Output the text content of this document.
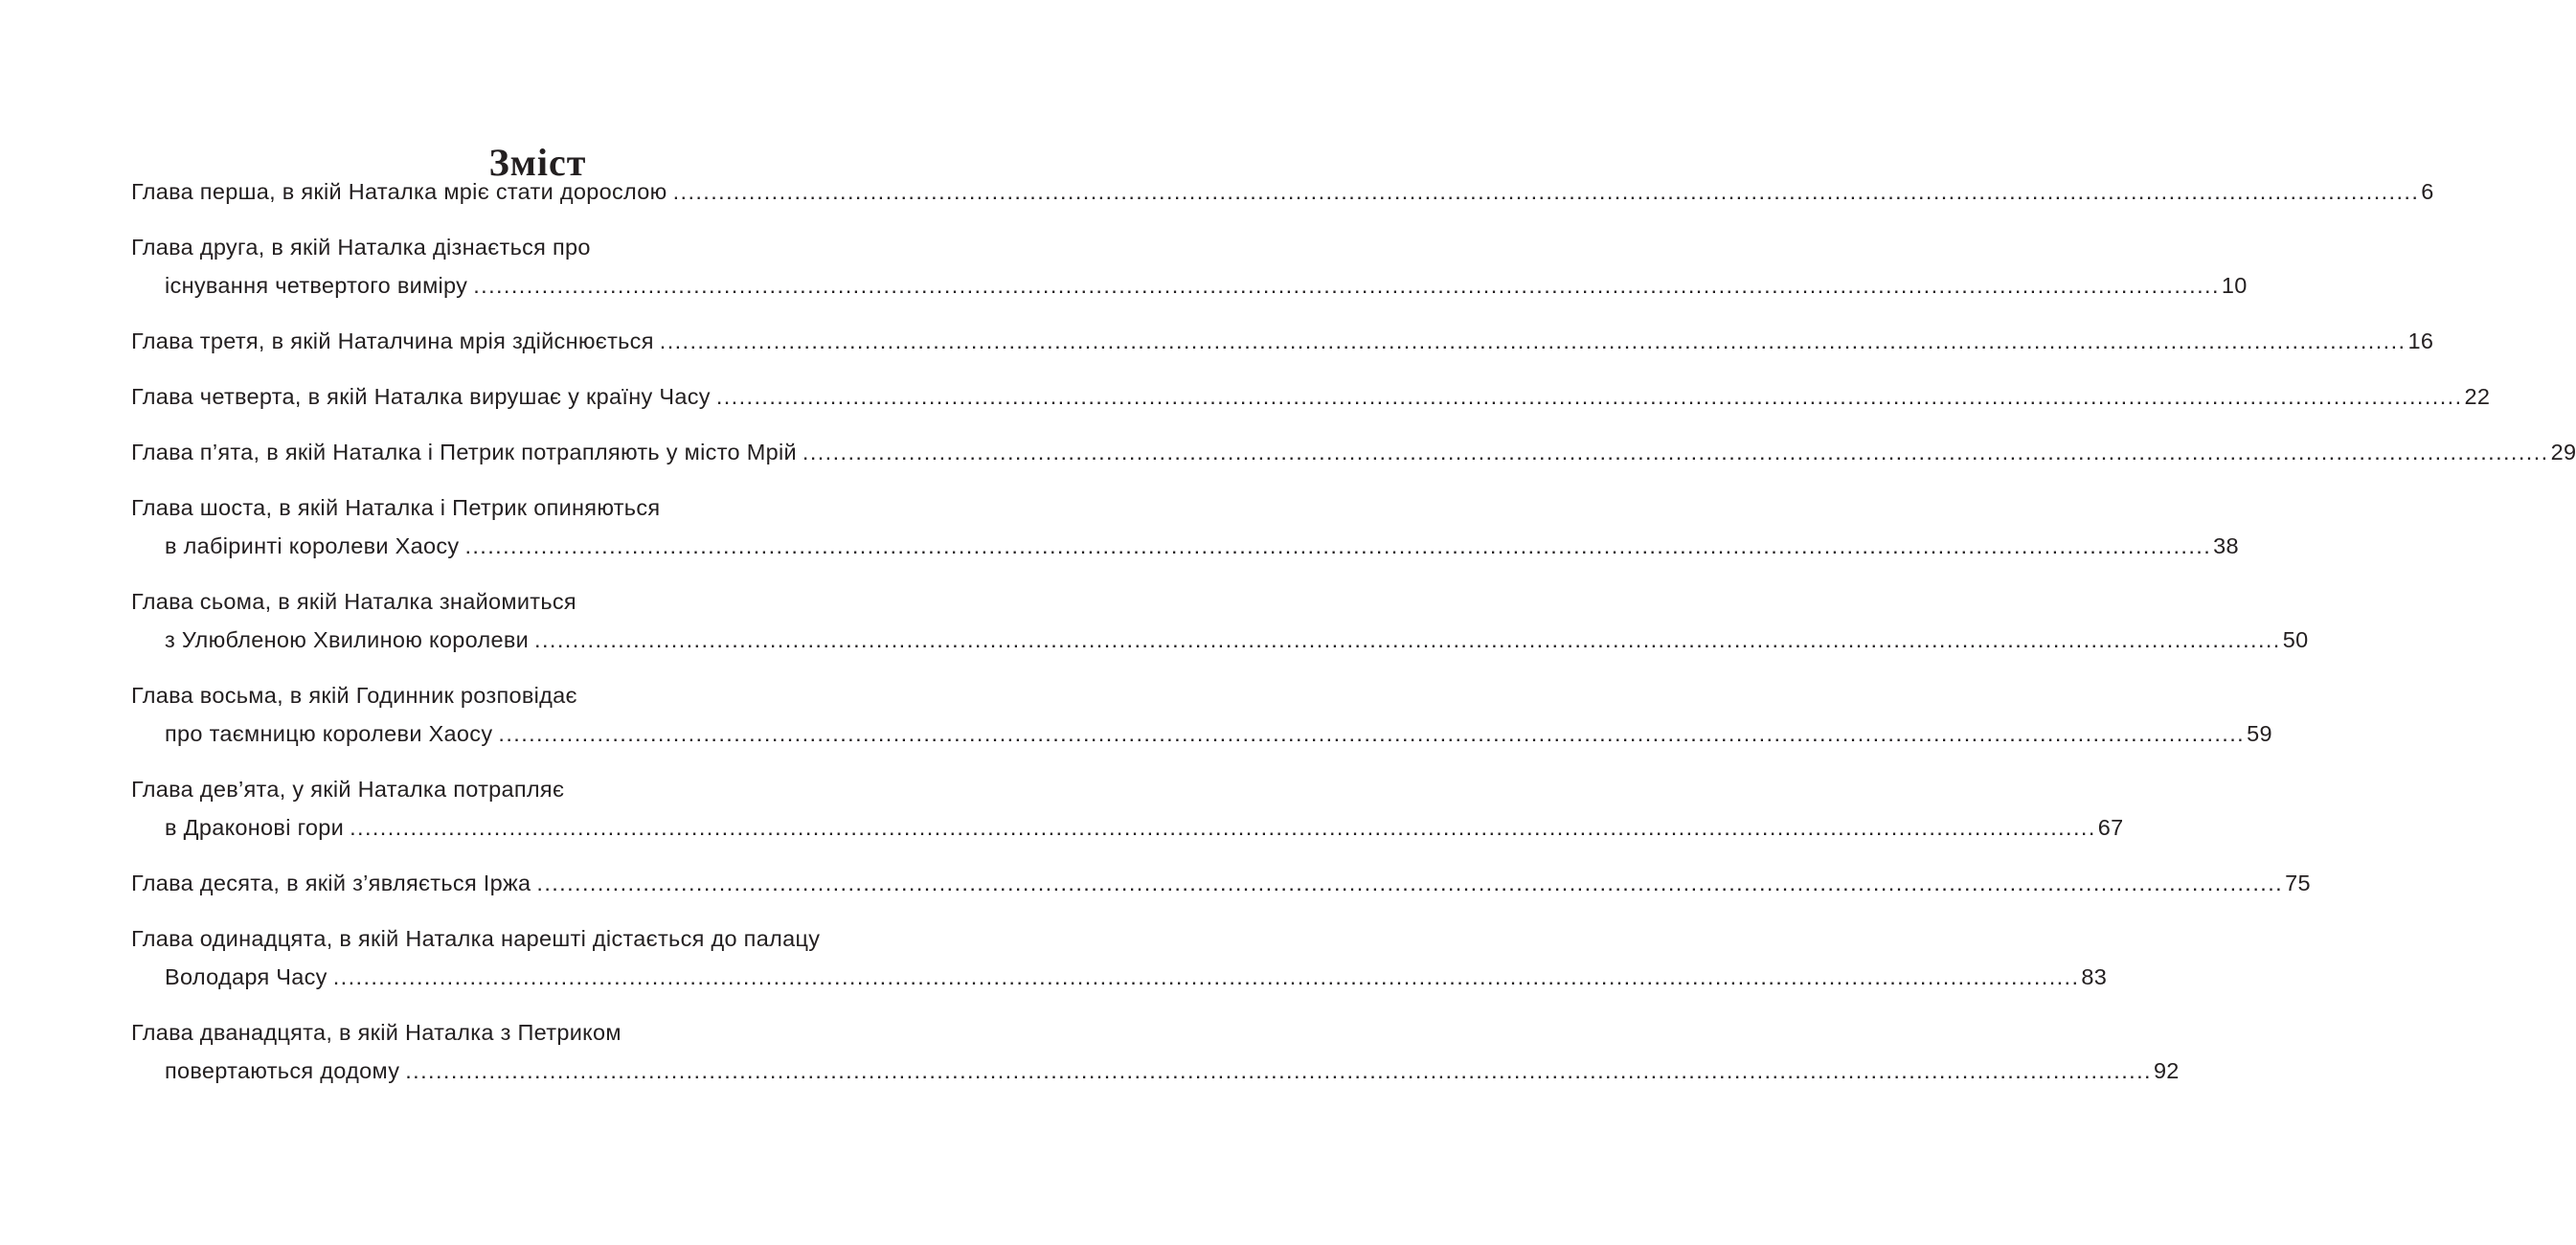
Зміст
Глава перша, в якій Наталка мріє стати дорослою .....	6
Глава друга, в якій Наталка дізнається про
існування четвертого виміру .....	10
Глава третя, в якій Наталчина мрія здійснюється .....	16
Глава четверта, в якій Наталка вирушає у країну Часу .....	22
Глава п’ята, в якій Наталка і Петрик потрапляють у місто Мрій .....	29
Глава шоста, в якій Наталка і Петрик опиняються
в лабіринті королеви Хаосу .....	38
Глава сьома, в якій Наталка знайомиться
з Улюбленою Хвилиною королеви .....	50
Глава восьма, в якій Годинник розповідає
про таємницю королеви Хаосу .....	59
Глава дев’ята, у якій Наталка потрапляє
в Драконові гори .....	67
Глава десята, в якій з’являється Іржа .....	75
Глава одинадцята, в якій Наталка нарешті дістається до палацу
Володаря Часу .....	83
Глава дванадцята, в якій Наталка з Петриком
повертаються додому .....	92
